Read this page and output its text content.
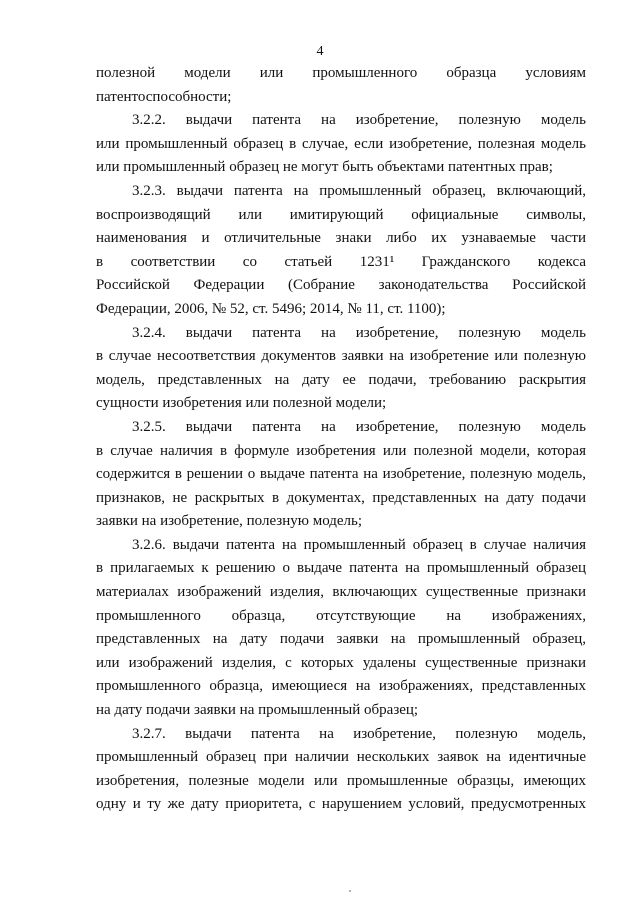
4
полезной модели или промышленного образца условиям
патентоспособности;
3.2.2. выдачи патента на изобретение, полезную модель
или промышленный образец в случае, если изобретение, полезная модель
или промышленный образец не могут быть объектами патентных прав;
3.2.3. выдачи патента на промышленный образец, включающий,
воспроизводящий или имитирующий официальные символы,
наименования и отличительные знаки либо их узнаваемые части
в соответствии со статьей 1231¹ Гражданского кодекса
Российской Федерации (Собрание законодательства Российской
Федерации, 2006, № 52, ст. 5496; 2014, № 11, ст. 1100);
3.2.4. выдачи патента на изобретение, полезную модель
в случае несоответствия документов заявки на изобретение или полезную
модель, представленных на дату ее подачи, требованию раскрытия
сущности изобретения или полезной модели;
3.2.5. выдачи патента на изобретение, полезную модель
в случае наличия в формуле изобретения или полезной модели, которая
содержится в решении о выдаче патента на изобретение, полезную модель,
признаков, не раскрытых в документах, представленных на дату подачи
заявки на изобретение, полезную модель;
3.2.6. выдачи патента на промышленный образец в случае наличия
в прилагаемых к решению о выдаче патента на промышленный образец
материалах изображений изделия, включающих существенные признаки
промышленного образца, отсутствующие на изображениях,
представленных на дату подачи заявки на промышленный образец,
или изображений изделия, с которых удалены существенные признаки
промышленного образца, имеющиеся на изображениях, представленных
на дату подачи заявки на промышленный образец;
3.2.7. выдачи патента на изобретение, полезную модель,
промышленный образец при наличии нескольких заявок на идентичные
изобретения, полезные модели или промышленные образцы, имеющих
одну и ту же дату приоритета, с нарушением условий, предусмотренных
